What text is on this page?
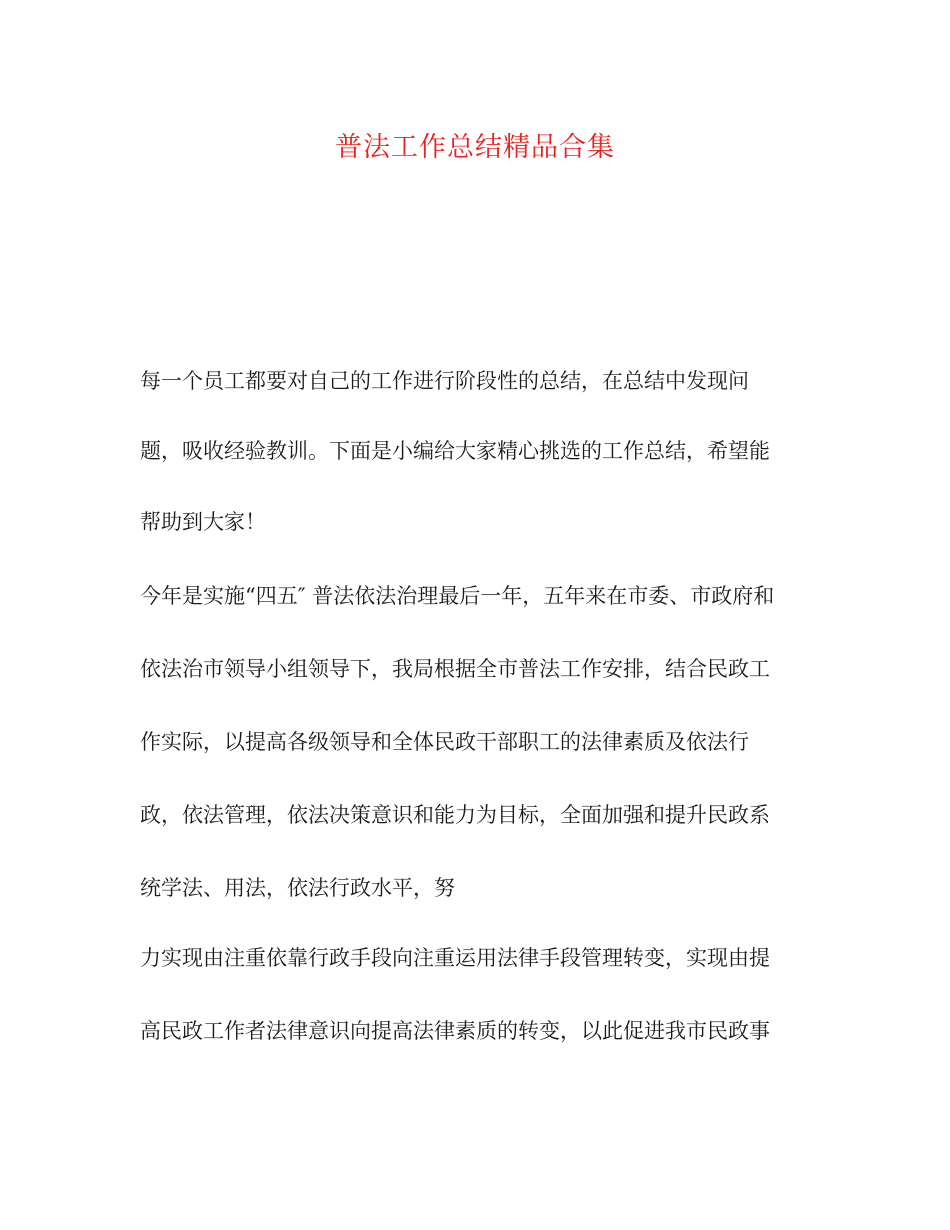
普法工作总结精品合集
每一个员工都要对自己的工作进行阶段性的总结，在总结中发现问
题，吸收经验教训。下面是小编给大家精心挑选的工作总结，希望能
帮助到大家！
今年是实施“四五″ 普法依法治理最后一年，五年来在市委、市政府和
依法治市领导小组领导下，我局根据全市普法工作安排，结合民政工
作实际，以提高各级领导和全体民政干部职工的法律素质及依法行
政，依法管理，依法决策意识和能力为目标，全面加强和提升民政系
统学法、用法，依法行政水平，努
力实现由注重依靠行政手段向注重运用法律手段管理转变，实现由提
高民政工作者法律意识向提高法律素质的转变，以此促进我市民政事
